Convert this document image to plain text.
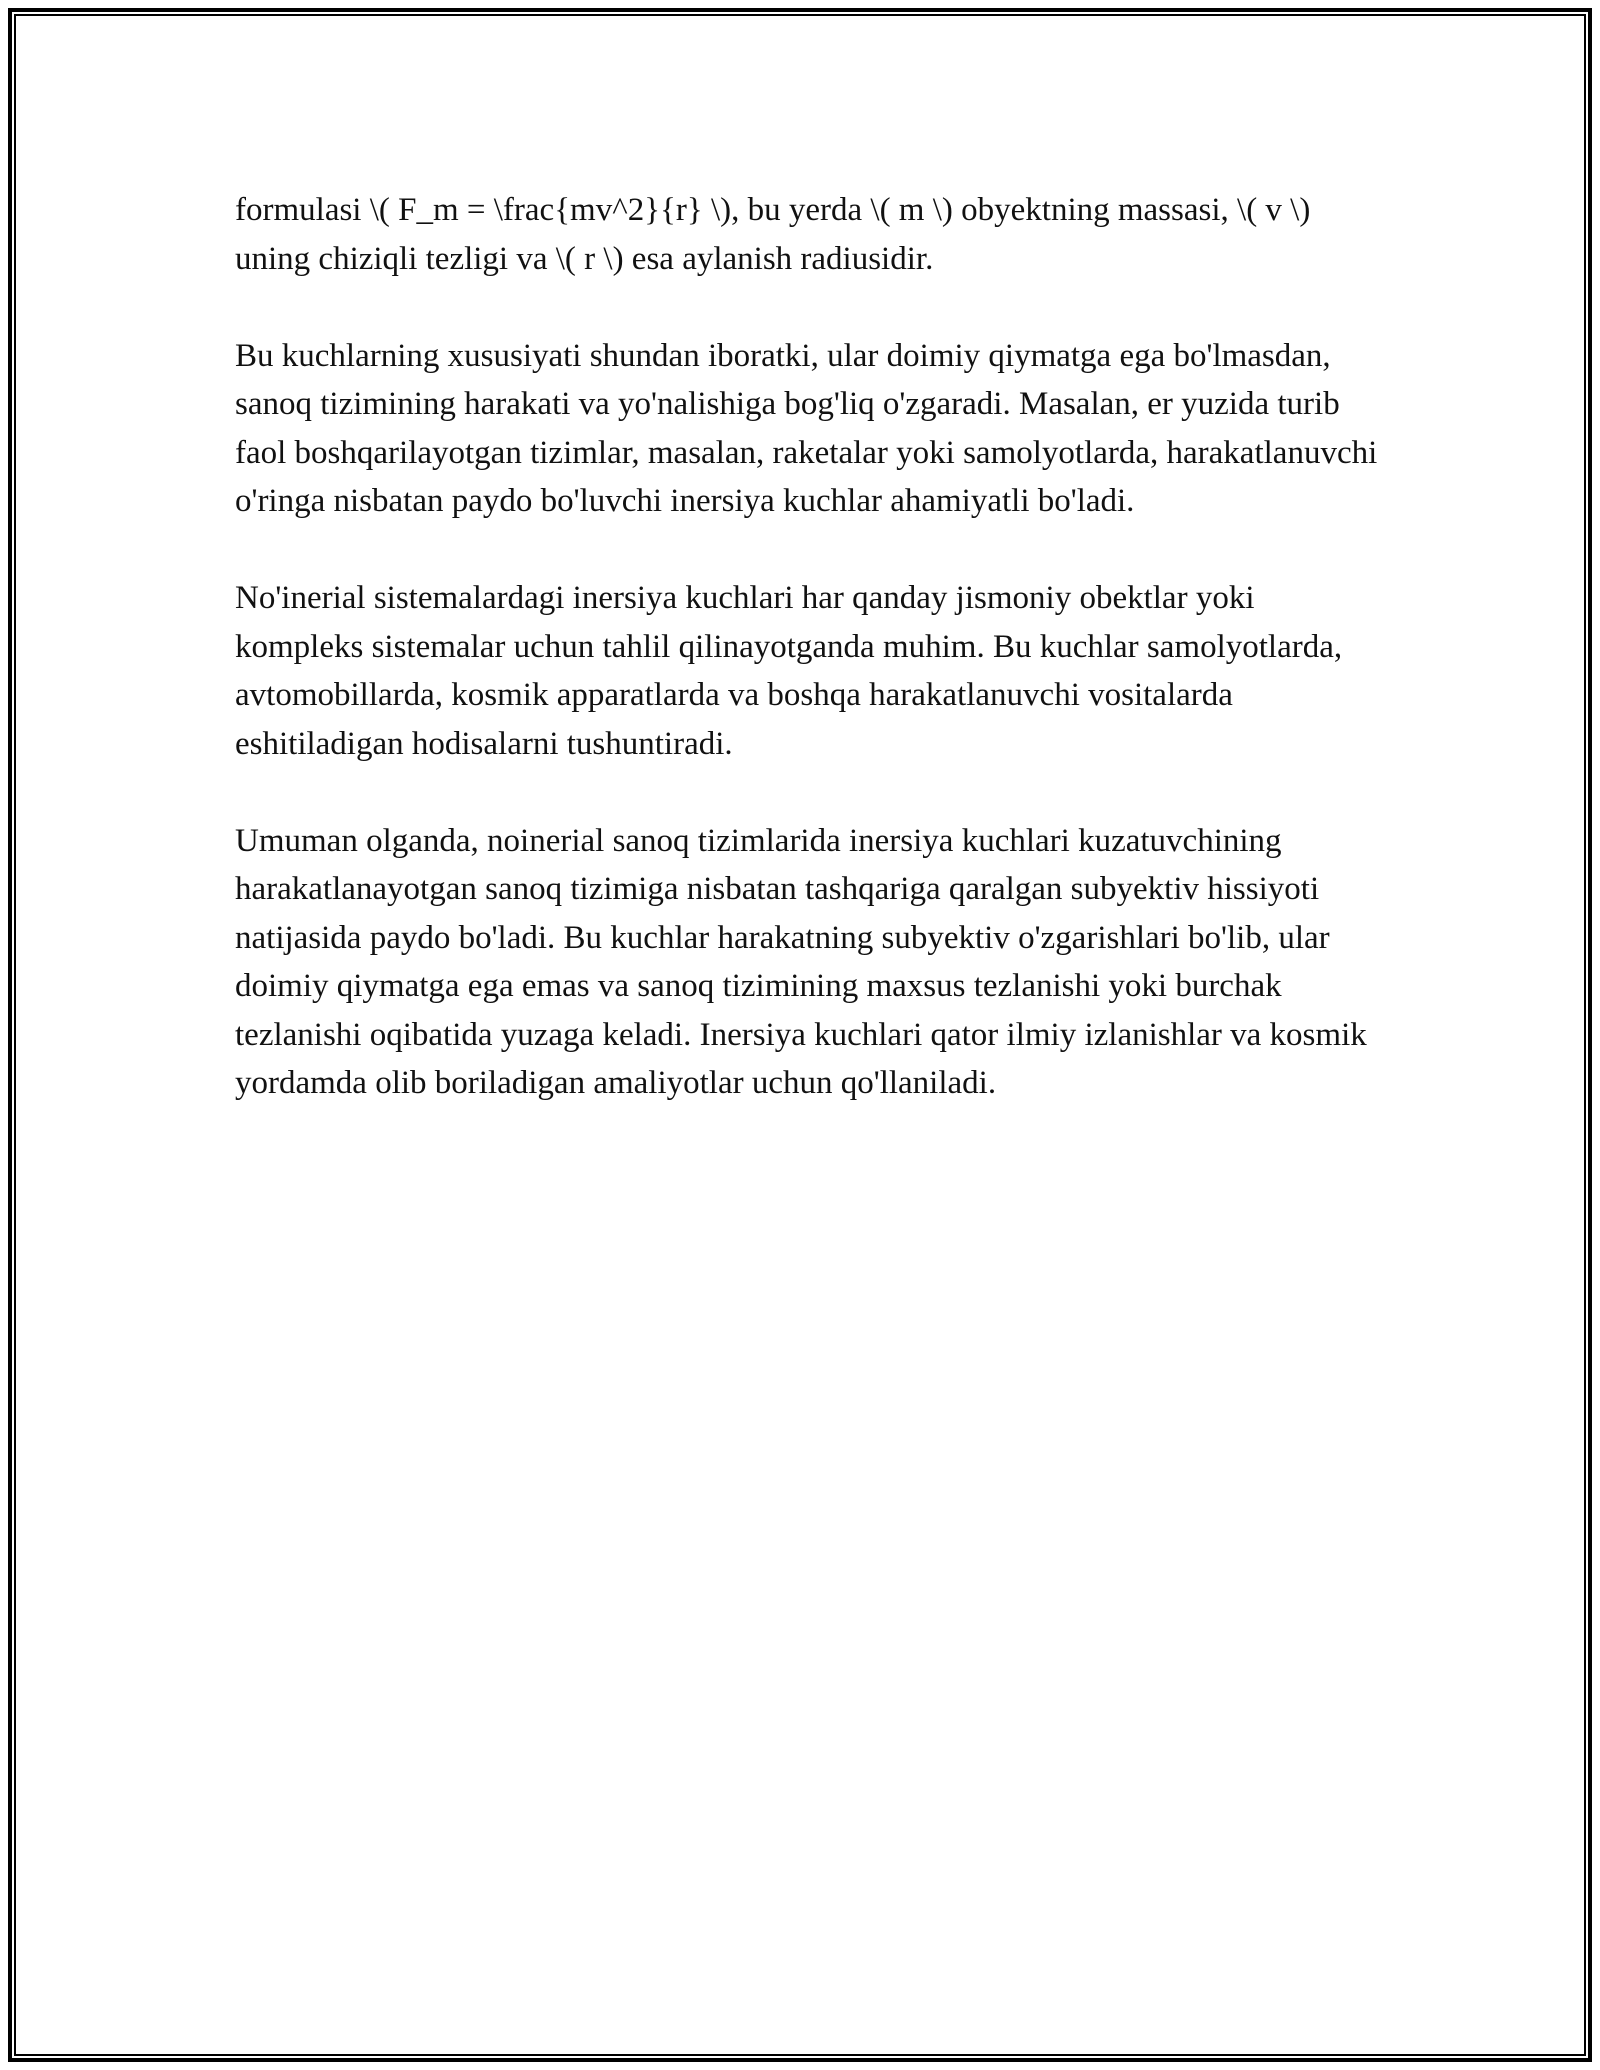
formulasi \( F_m = \frac{mv^2}{r} \), bu yerda \( m \) obyektning massasi, \( v \) uning chiziqli tezligi va \( r \) esa aylanish radiusidir.

Bu kuchlarning xususiyati shundan iboratki, ular doimiy qiymatga ega bo'lmasdan, sanoq tizimining harakati va yo'nalishiga bog'liq o'zgaradi. Masalan, er yuzida turib faol boshqarilayotgan tizimlar, masalan, raketalar yoki samolyotlarda, harakatlanuvchi o'ringa nisbatan paydo bo'luvchi inersiya kuchlar ahamiyatli bo'ladi.

No'inerial sistemalardagi inersiya kuchlari har qanday jismoniy obektlar yoki kompleks sistemalar uchun tahlil qilinayotganda muhim. Bu kuchlar samolyotlarda, avtomobillarda, kosmik apparatlarda va boshqa harakatlanuvchi vositalarda eshitiladigan hodisalarni tushuntiradi.

Umuman olganda, noinerial sanoq tizimlarida inersiya kuchlari kuzatuvchining harakatlanayotgan sanoq tizimiga nisbatan tashqariga qaralgan subyektiv hissiyoti natijasida paydo bo'ladi. Bu kuchlar harakatning subyektiv o'zgarishlari bo'lib, ular doimiy qiymatga ega emas va sanoq tizimining maxsus tezlanishi yoki burchak tezlanishi oqibatida yuzaga keladi. Inersiya kuchlari qator ilmiy izlanishlar va kosmik yordamda olib boriladigan amaliyotlar uchun qo'llaniladi.
